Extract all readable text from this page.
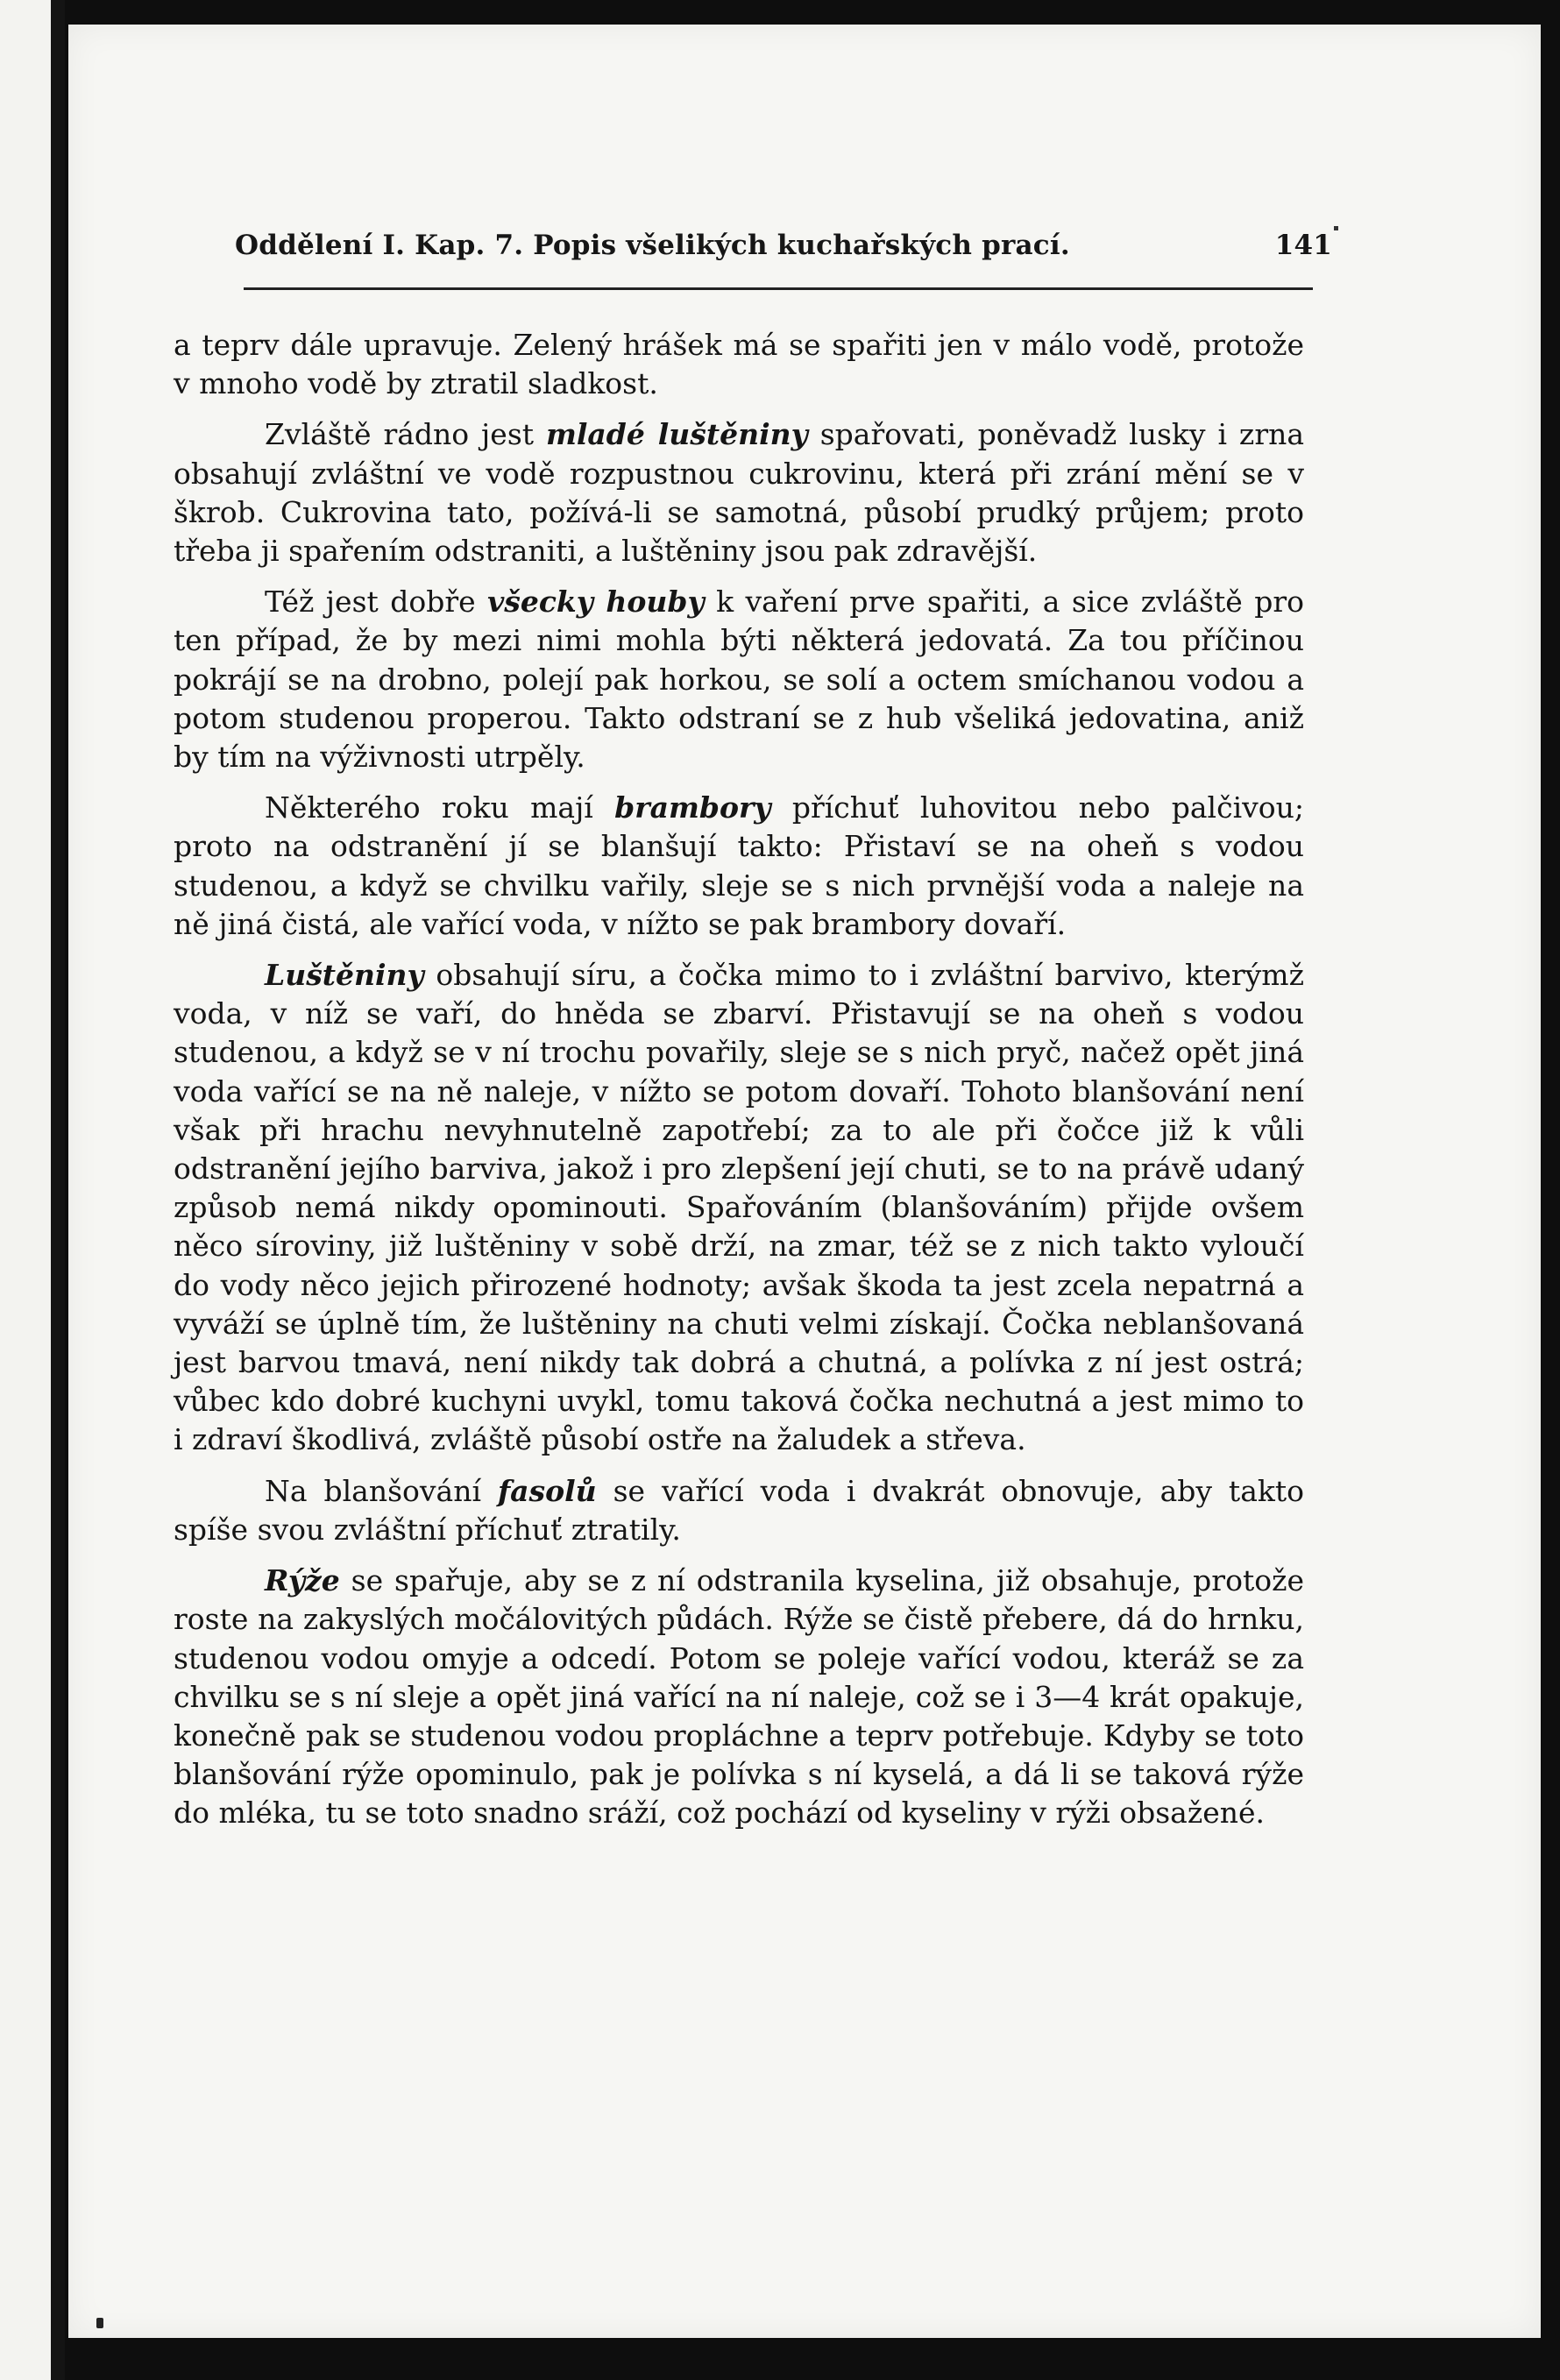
Oddělení I. Kap. 7. Popis všelikých kuchařských prací.	141

a teprv dále upravuje. Zelený hrášek má se spařiti jen v málo vodě, protože v mnoho vodě by ztratil sladkost.

Zvláště rádno jest mladé luštěniny spařovati, poněvadž lusky i zrna obsahují zvláštní ve vodě rozpustnou cukrovinu, která při zrání mění se v škrob. Cukrovina tato, požívá-li se samotná, působí prudký průjem; proto třeba ji spařením odstraniti, a luštěniny jsou pak zdravější.

Též jest dobře všecky houby k vaření prve spařiti, a sice zvláště pro ten případ, že by mezi nimi mohla býti některá jedovatá. Za tou příčinou pokrájí se na drobno, polejí pak horkou, se solí a octem smíchanou vodou a potom studenou properou. Takto odstraní se z hub všeliká jedovatina, aniž by tím na výživnosti utrpěly.

Některého roku mají brambory příchuť luhovitou nebo palčivou; proto na odstranění jí se blanšují takto: Přistaví se na oheň s vodou studenou, a když se chvilku vařily, sleje se s nich prvnější voda a naleje na ně jiná čistá, ale vařící voda, v nížto se pak brambory dovaří.

Luštěniny obsahují síru, a čočka mimo to i zvláštní barvivo, kterýmž voda, v níž se vaří, do hněda se zbarví. Přistavují se na oheň s vodou studenou, a když se v ní trochu povařily, sleje se s nich pryč, načež opět jiná voda vařící se na ně naleje, v nížto se potom dovaří. Tohoto blanšování není však při hrachu nevyhnutelně zapotřebí; za to ale při čočce již k vůli odstranění jejího barviva, jakož i pro zlepšení její chuti, se to na právě udaný způsob nemá nikdy opominouti. Spařováním (blanšováním) přijde ovšem něco síroviny, již luštěniny v sobě drží, na zmar, též se z nich takto vyloučí do vody něco jejich přirozené hodnoty; avšak škoda ta jest zcela nepatrná a vyváží se úplně tím, že luštěniny na chuti velmi získají. Čočka neblanšovaná jest barvou tmavá, není nikdy tak dobrá a chutná, a polívka z ní jest ostrá; vůbec kdo dobré kuchyni uvykl, tomu taková čočka nechutná a jest mimo to i zdraví škodlivá, zvláště působí ostře na žaludek a střeva.

Na blanšování fasolů se vařící voda i dvakrát obnovuje, aby takto spíše svou zvláštní příchuť ztratily.

Rýže se spařuje, aby se z ní odstranila kyselina, již obsahuje, protože roste na zakyslých močálovitých půdách. Rýže se čistě přebere, dá do hrnku, studenou vodou omyje a odcedí. Potom se poleje vařící vodou, kteráž se za chvilku se s ní sleje a opět jiná vařící na ní naleje, což se i 3—4 krát opakuje, konečně pak se studenou vodou propláchne a teprv potřebuje. Kdyby se toto blanšování rýže opominulo, pak je polívka s ní kyselá, a dá li se taková rýže do mléka, tu se toto snadno sráží, což pochází od kyseliny v rýži obsažené.
